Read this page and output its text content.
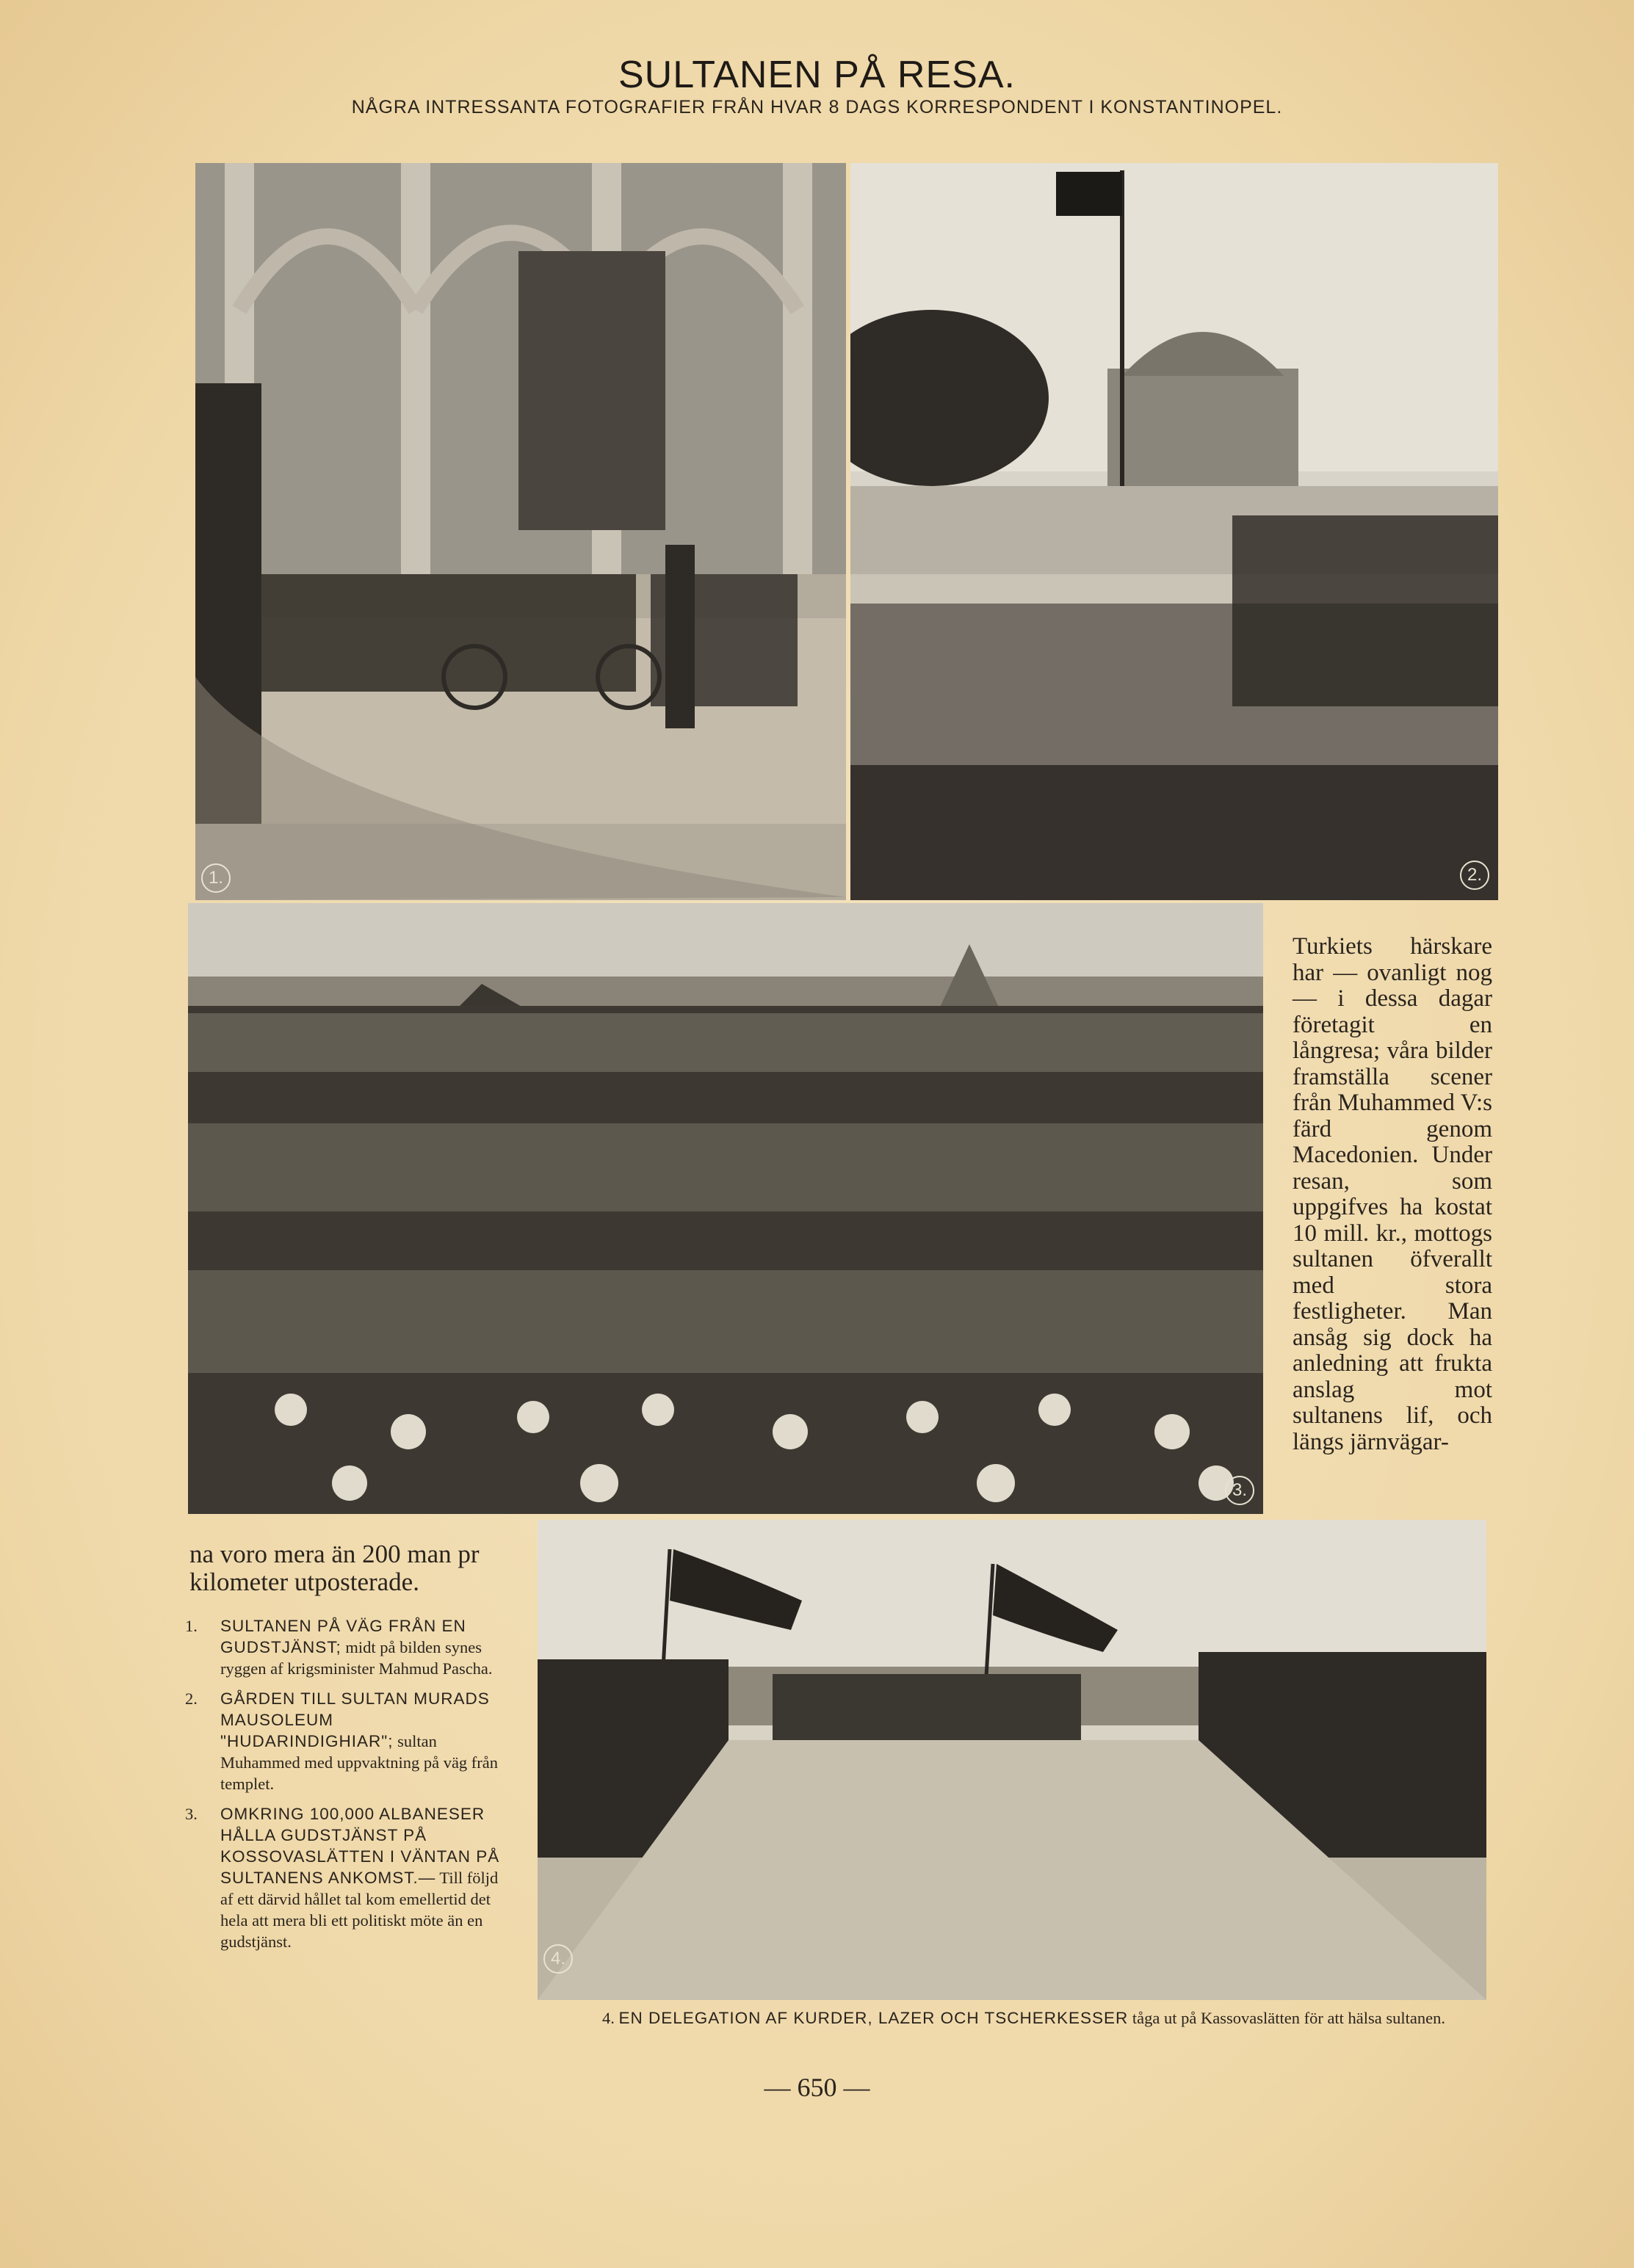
SULTANEN PÅ RESA.
NÅGRA INTRESSANTA FOTOGRAFIER FRÅN HVAR 8 DAGS KORRESPONDENT I KONSTANTINOPEL.
1.	2.
3.
4.
Turkiets härskare har — ovanligt nog — i dessa dagar företagit en långresa; våra bilder framställa scener från Muhammed V:s färd genom Macedonien. Under resan, som uppgifves ha kostat 10 mill. kr., mottogs sultanen öfverallt med stora festligheter. Man ansåg sig dock ha anledning att frukta anslag mot sultanens lif, och längs järnvägar-
na voro mera än 200 man pr kilometer utposterade.
1. SULTANEN PÅ VÄG FRÅN EN GUDSTJÄNST; midt på bilden synes ryggen af krigsminister Mahmud Pascha.
2. GÅRDEN TILL SULTAN MURADS MAUSOLEUM "HUDARINDIGHIAR"; sultan Muhammed med uppvaktning på väg från templet.
3. OMKRING 100,000 ALBANESER HÅLLA GUDSTJÄNST PÅ KOSSOVASLÄTTEN I VÄNTAN PÅ SULTANENS ANKOMST.— Till följd af ett därvid hållet tal kom emellertid det hela att mera bli ett politiskt möte än en gudstjänst.
4. EN DELEGATION AF KURDER, LAZER OCH TSCHERKESSER tåga ut på Kassovaslätten för att hälsa sultanen.
— 650 —
